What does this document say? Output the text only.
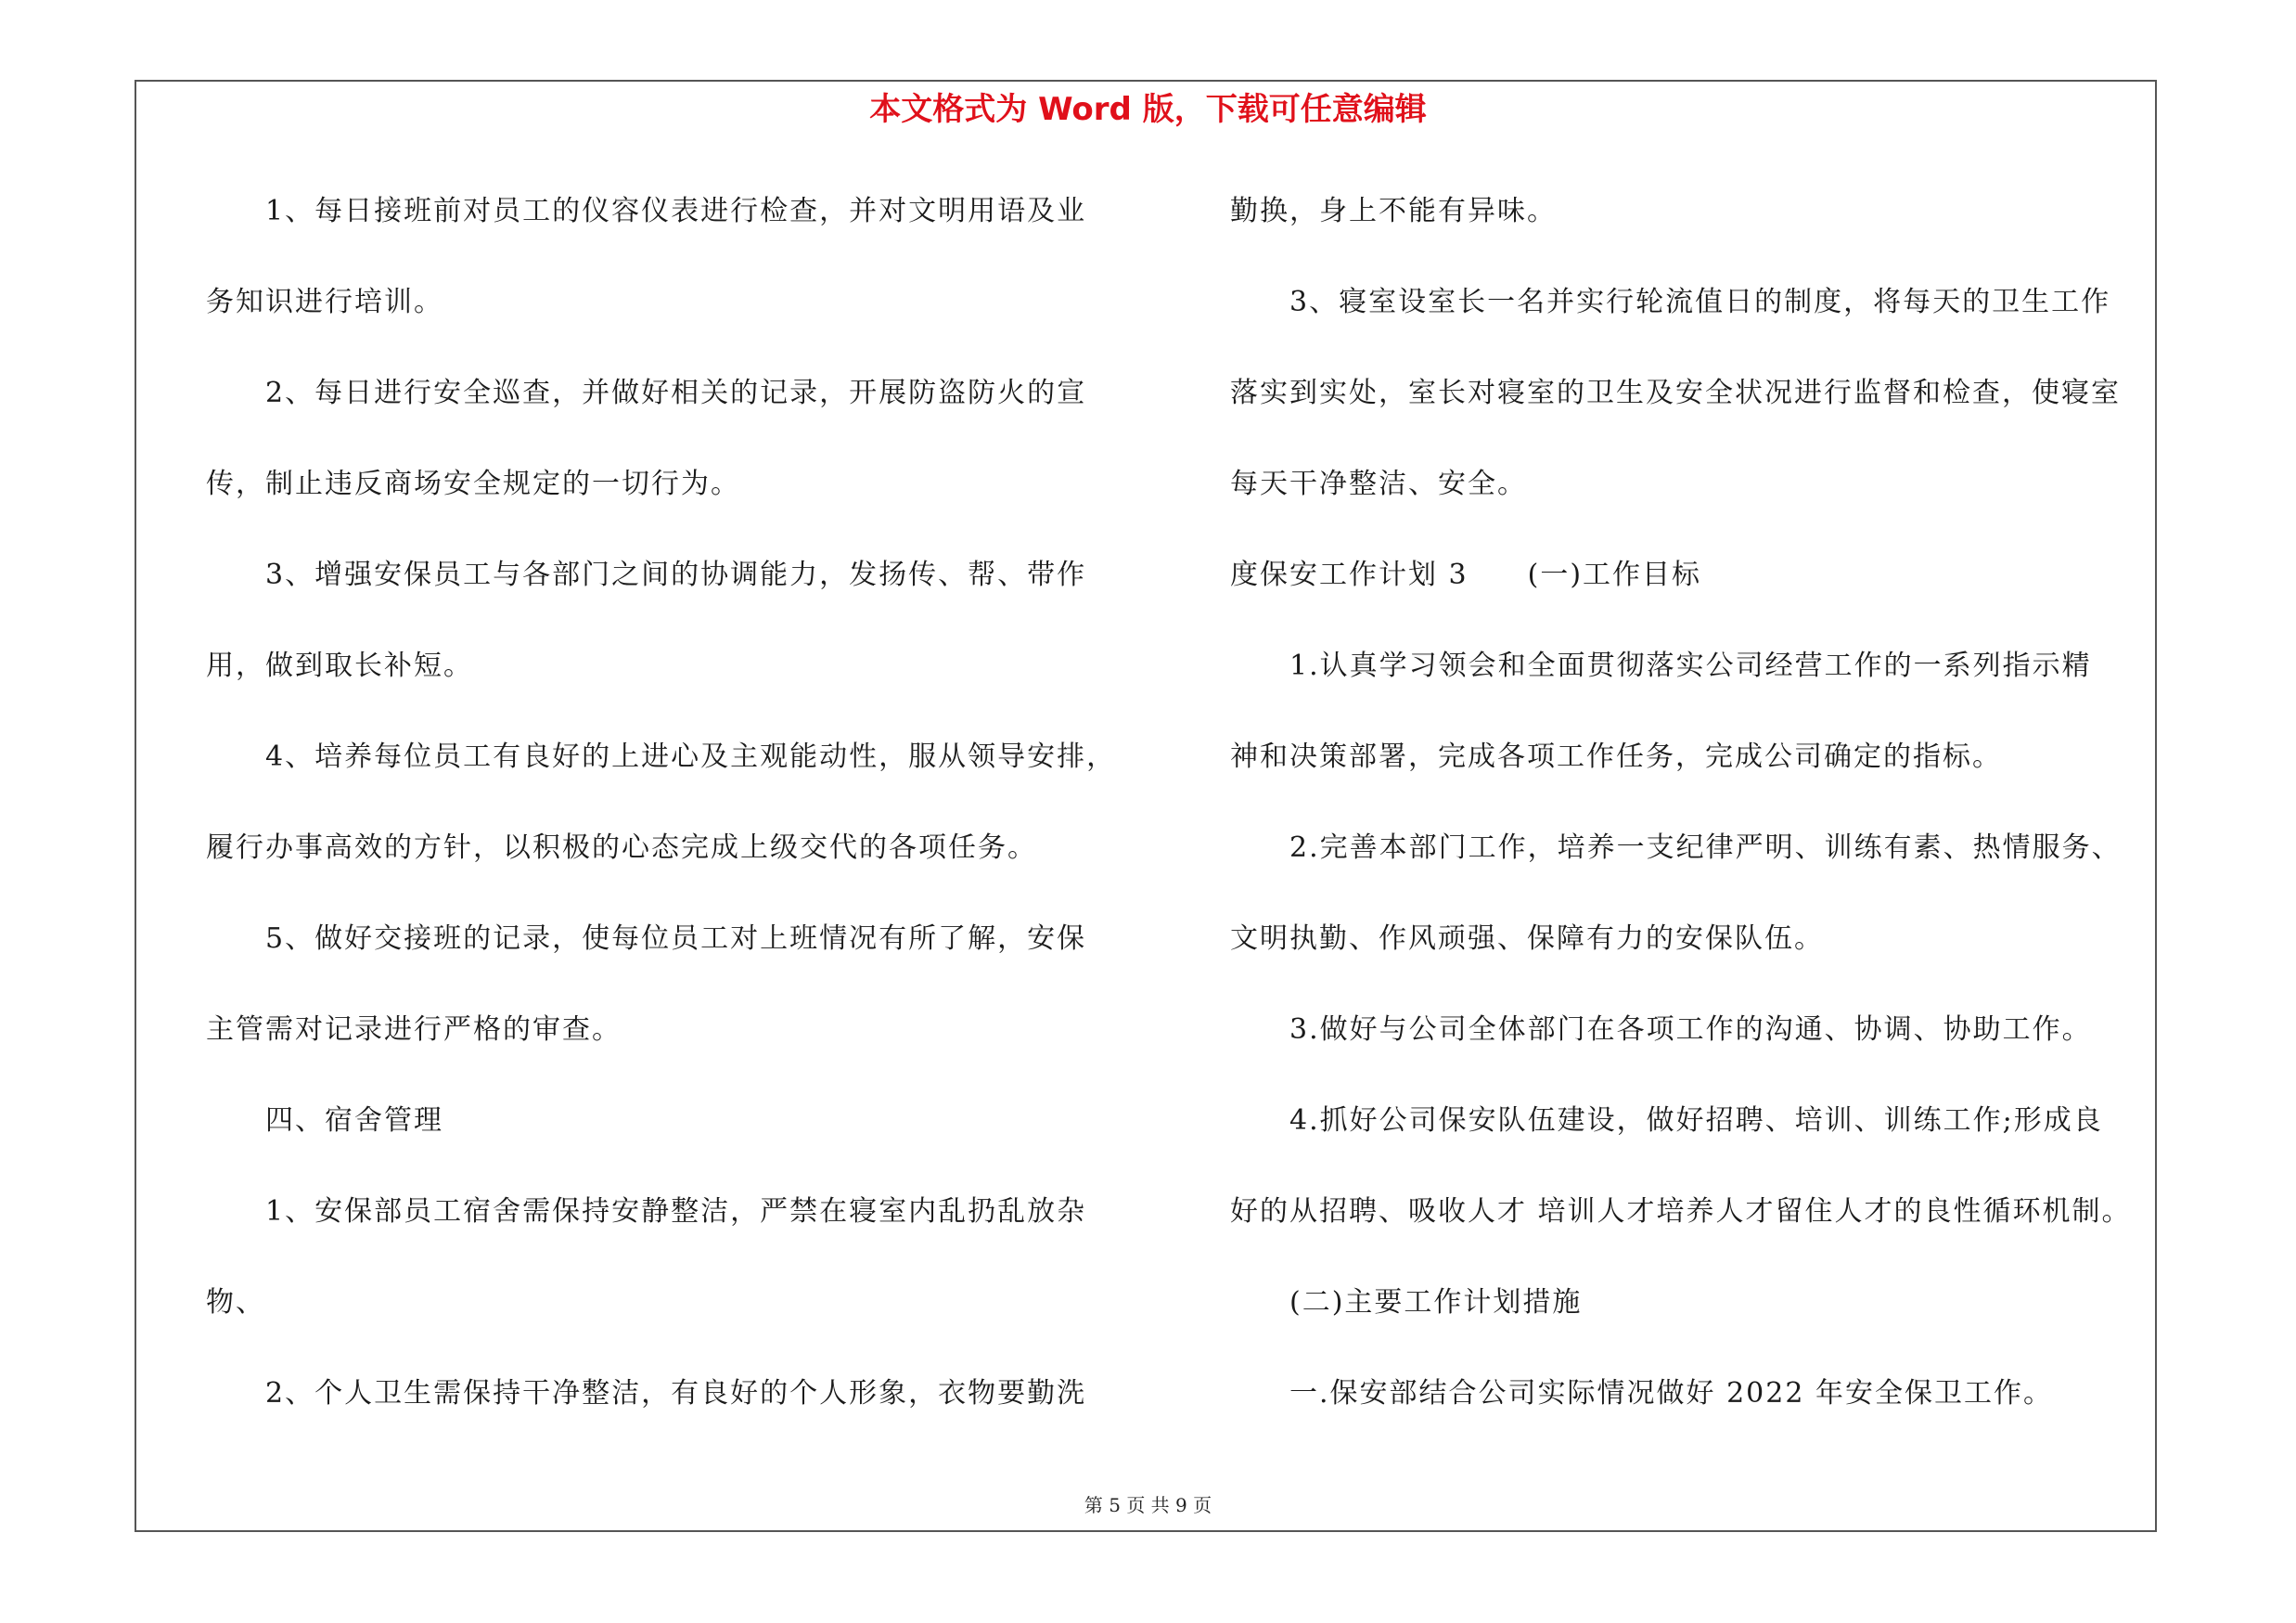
本文格式为 Word 版，下载可任意编辑
1、每日接班前对员工的仪容仪表进行检查，并对文明用语及业
务知识进行培训。
2、每日进行安全巡查，并做好相关的记录，开展防盗防火的宣
传，制止违反商场安全规定的一切行为。
3、增强安保员工与各部门之间的协调能力，发扬传、帮、带作
用，做到取长补短。
4、培养每位员工有良好的上进心及主观能动性，服从领导安排，
履行办事高效的方针，以积极的心态完成上级交代的各项任务。
5、做好交接班的记录，使每位员工对上班情况有所了解，安保
主管需对记录进行严格的审查。
四、宿舍管理
1、安保部员工宿舍需保持安静整洁，严禁在寝室内乱扔乱放杂
物、
2、个人卫生需保持干净整洁，有良好的个人形象，衣物要勤洗
勤换，身上不能有异味。
3、寝室设室长一名并实行轮流值日的制度，将每天的卫生工作
落实到实处，室长对寝室的卫生及安全状况进行监督和检查，使寝室
每天干净整洁、安全。
度保安工作计划 3 (一)工作目标
1.认真学习领会和全面贯彻落实公司经营工作的一系列指示精
神和决策部署，完成各项工作任务，完成公司确定的指标。
2.完善本部门工作，培养一支纪律严明、训练有素、热情服务、
文明执勤、作风顽强、保障有力的安保队伍。
3.做好与公司全体部门在各项工作的沟通、协调、协助工作。
4.抓好公司保安队伍建设，做好招聘、培训、训练工作;形成良
好的从招聘、吸收人才 培训人才培养人才留住人才的良性循环机制。
(二)主要工作计划措施
一.保安部结合公司实际情况做好 2022 年安全保卫工作。
第 5 页 共 9 页
